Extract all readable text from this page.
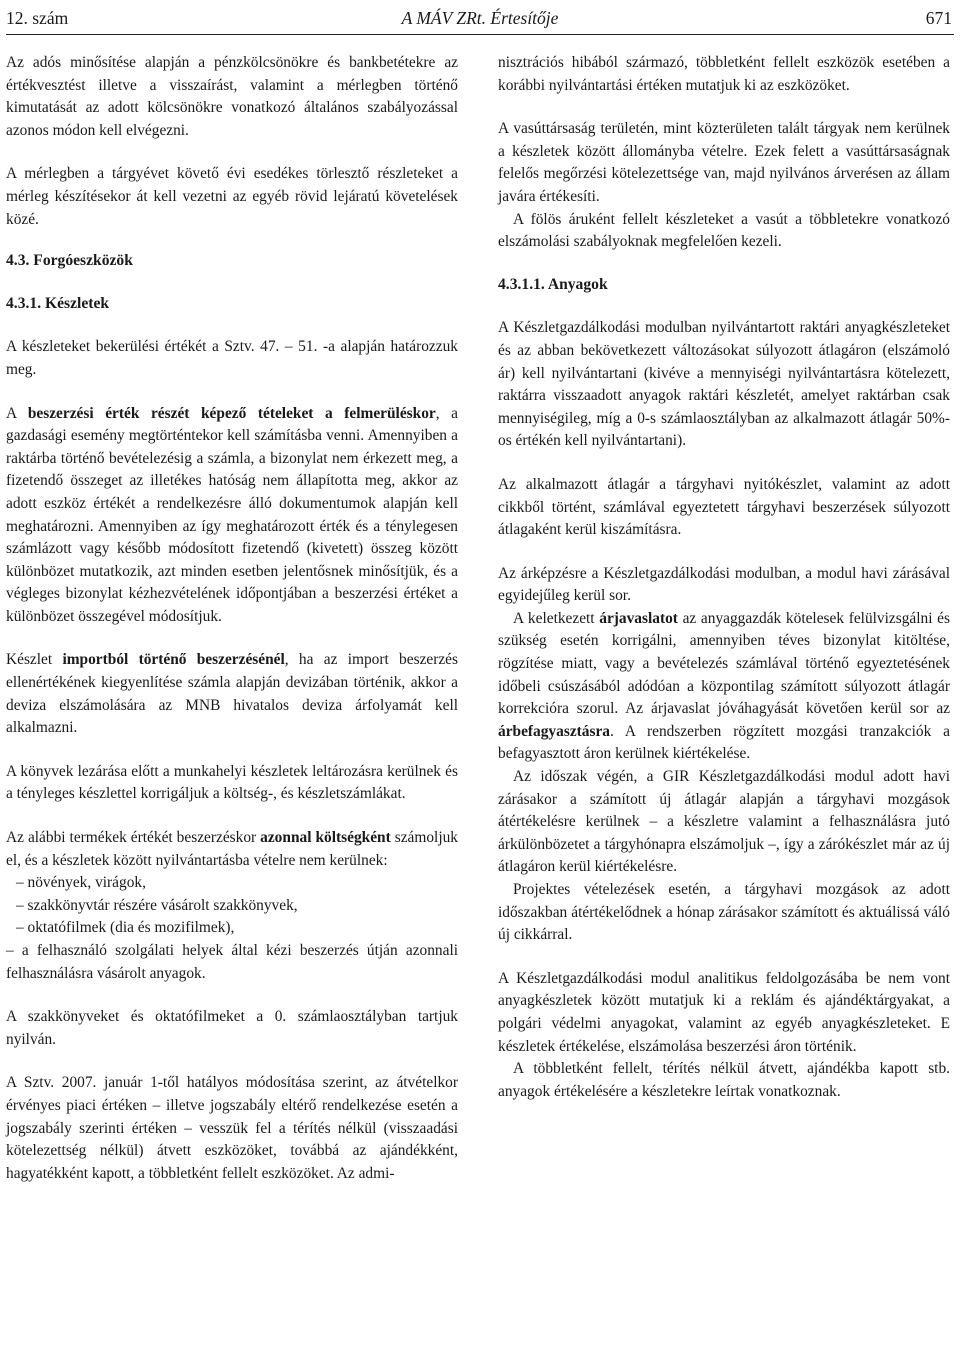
12. szám	A MÁV ZRt. Értesítője	671

Az adós minősítése alapján a pénzkölcsönökre és bankbetétekre az értékvesztést illetve a visszaírást, valamint a mérlegben történő kimutatását az adott kölcsönökre vonatkozó általános szabályozással azonos módon kell elvégezni.

A mérlegben a tárgyévet követő évi esedékes törlesztő részleteket a mérleg készítésekor át kell vezetni az egyéb rövid lejáratú követelések közé.

4.3. Forgóeszközök

4.3.1. Készletek

A készleteket bekerülési értékét a Sztv. 47. – 51. -a alapján határozzuk meg.

A beszerzési érték részét képező tételeket a felmerüléskor, a gazdasági esemény megtörténtekor kell számításba venni. Amennyiben a raktárba történő bevételezésig a számla, a bizonylat nem érkezett meg, a fizetendő összeget az illetékes hatóság nem állapította meg, akkor az adott eszköz értékét a rendelkezésre álló dokumentumok alapján kell meghatározni. Amennyiben az így meghatározott érték és a ténylegesen számlázott vagy később módosított fizetendő (kivetett) összeg között különbözet mutatkozik, azt minden esetben jelentősnek minősítjük, és a végleges bizonylat kézhezvételének időpontjában a beszerzési értéket a különbözet összegével módosítjuk.

Készlet importból történő beszerzésénél, ha az import beszerzés ellenértékének kiegyenlítése számla alapján devizában történik, akkor a deviza elszámolására az MNB hivatalos deviza árfolyamát kell alkalmazni.

A könyvek lezárása előtt a munkahelyi készletek leltározásra kerülnek és a tényleges készlettel korrigáljuk a költség-, és készletszámlákat.

Az alábbi termékek értékét beszerzéskor azonnal költségként számoljuk el, és a készletek között nyilvántartásba vételre nem kerülnek:

– növények, virágok,
– szakkönyvtár részére vásárolt szakkönyvek,
– oktatófilmek (dia és mozifilmek),
– a felhasználó szolgálati helyek által kézi beszerzés útján azonnali felhasználásra vásárolt anyagok.

A szakkönyveket és oktatófilmeket a 0. számlaosztályban tartjuk nyilván.

A Sztv. 2007. január 1-től hatályos módosítása szerint, az átvételkor érvényes piaci értéken – illetve jogszabály eltérő rendelkezése esetén a jogszabály szerinti értéken – vesszük fel a térítés nélkül (visszaadási kötelezettség nélkül) átvett eszközöket, továbbá az ajándékként, hagyatékként kapott, a többletként fellelt eszközöket. Az admi-

nisztrációs hibából származó, többletként fellelt eszközök esetében a korábbi nyilvántartási értéken mutatjuk ki az eszközöket.

A vasúttársaság területén, mint közterületen talált tárgyak nem kerülnek a készletek között állományba vételre. Ezek felett a vasúttársaságnak felelős megőrzési kötelezettsége van, majd nyilvános árverésen az állam javára értékesíti.

A fölös áruként fellelt készleteket a vasút a többletekre vonatkozó elszámolási szabályoknak megfelelően kezeli.

4.3.1.1. Anyagok

A Készletgazdálkodási modulban nyilvántartott raktári anyagkészleteket és az abban bekövetkezett változásokat súlyozott átlagáron (elszámoló ár) kell nyilvántartani (kivéve a mennyiségi nyilvántartásra kötelezett, raktárra visszaadott anyagok raktári készletét, amelyet raktárban csak mennyiségileg, míg a 0-s számlaosztályban az alkalmazott átlagár 50%-os értékén kell nyilvántartani).

Az alkalmazott átlagár a tárgyhavi nyitókészlet, valamint az adott cikkből történt, számlával egyeztetett tárgyhavi beszerzések súlyozott átlagaként kerül kiszámításra.

Az árképzésre a Készletgazdálkodási modulban, a modul havi zárásával egyidejűleg kerül sor.

A keletkezett árjavaslatot az anyaggazdák kötelesek felülvizsgálni és szükség esetén korrigálni, amennyiben téves bizonylat kitöltése, rögzítése miatt, vagy a bevételezés számlával történő egyeztetésének időbeli csúszásából adódóan a központilag számított súlyozott átlagár korrekcióra szorul. Az árjavaslat jóváhagyását követően kerül sor az árbefagyasztásra. A rendszerben rögzített mozgási tranzakciók a befagyasztott áron kerülnek kiértékelése.

Az időszak végén, a GIR Készletgazdálkodási modul adott havi zárásakor a számított új átlagár alapján a tárgyhavi mozgások átértékelésre kerülnek – a készletre valamint a felhasználásra jutó árkülönbözetet a tárgyhónapra elszámoljuk –, így a zárókészlet már az új átlagáron kerül kiértékelésre.

Projektes vételezések esetén, a tárgyhavi mozgások az adott időszakban átértékelődnek a hónap zárásakor számított és aktuálissá váló új cikkárral.

A Készletgazdálkodási modul analitikus feldolgozásába be nem vont anyagkészletek között mutatjuk ki a reklám és ajándéktárgyakat, a polgári védelmi anyagokat, valamint az egyéb anyagkészleteket. E készletek értékelése, elszámolása beszerzési áron történik.

A többletként fellelt, térítés nélkül átvett, ajándékba kapott stb. anyagok értékelésére a készletekre leírtak vonatkoznak.
